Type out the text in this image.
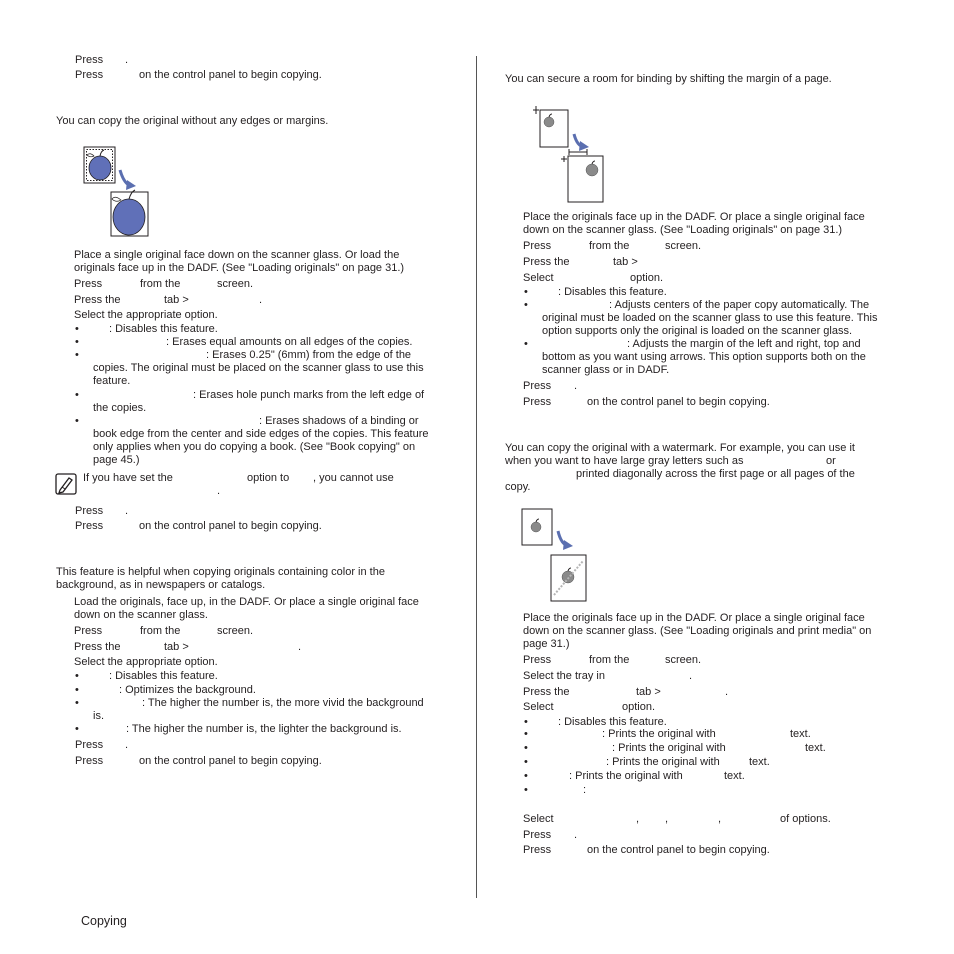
Press .
Press	on the control panel to begin copying.
You can copy the original without any edges or margins.
Place a single original face down on the scanner glass. Or load the
originals face up in the DADF. (See "Loading originals" on page 31.)
Press	from the	screen.
Press the	tab >	.
Select the appropriate option.
•	: Disables this feature.
•	: Erases equal amounts on all edges of the copies.
•	: Erases 0.25" (6mm) from the edge of the
copies. The original must be placed on the scanner glass to use this
feature.
•	: Erases hole punch marks from the left edge of
the copies.
•	: Erases shadows of a binding or
book edge from the center and side edges of the copies. This feature
only applies when you do copying a book. (See "Book copying" on
page 45.)
If you have set the	option to , you cannot use
.
Press .
Press	on the control panel to begin copying.
This feature is helpful when copying originals containing color in the
background, as in newspapers or catalogs.
Load the originals, face up, in the DADF. Or place a single original face
down on the scanner glass.
Press	from the	screen.
Press the	tab >	.
Select the appropriate option.
•	: Disables this feature.
•	: Optimizes the background.
•	: The higher the number is, the more vivid the background
is.
•	: The higher the number is, the lighter the background is.
Press .
Press	on the control panel to begin copying.
You can secure a room for binding by shifting the margin of a page.
Place the originals face up in the DADF. Or place a single original face
down on the scanner glass. (See "Loading originals" on page 31.)
Press	from the	screen.
Press the	tab >
Select	option.
•	: Disables this feature.
•	: Adjusts centers of the paper copy automatically. The
original must be loaded on the scanner glass to use this feature. This
option supports only the original is loaded on the scanner glass.
•	: Adjusts the margin of the left and right, top and
bottom as you want using arrows. This option supports both on the
scanner glass or in DADF.
Press .
Press	on the control panel to begin copying.
You can copy the original with a watermark. For example, you can use it
when you want to have large gray letters such as	or
printed diagonally across the first page or all pages of the
copy.
Place the originals face up in the DADF. Or place a single original face
down on the scanner glass. (See "Loading originals and print media" on
page 31.)
Press	from the	screen.
Select the tray in	.
Press the	tab >	.
Select	option.
•	: Disables this feature.
•	: Prints the original with	text.
•	: Prints the original with	text.
•	: Prints the original with	text.
•	: Prints the original with	text.
•	:
Select	, ,	,	of options.
Press .
Press	on the control panel to begin copying.
Copying
